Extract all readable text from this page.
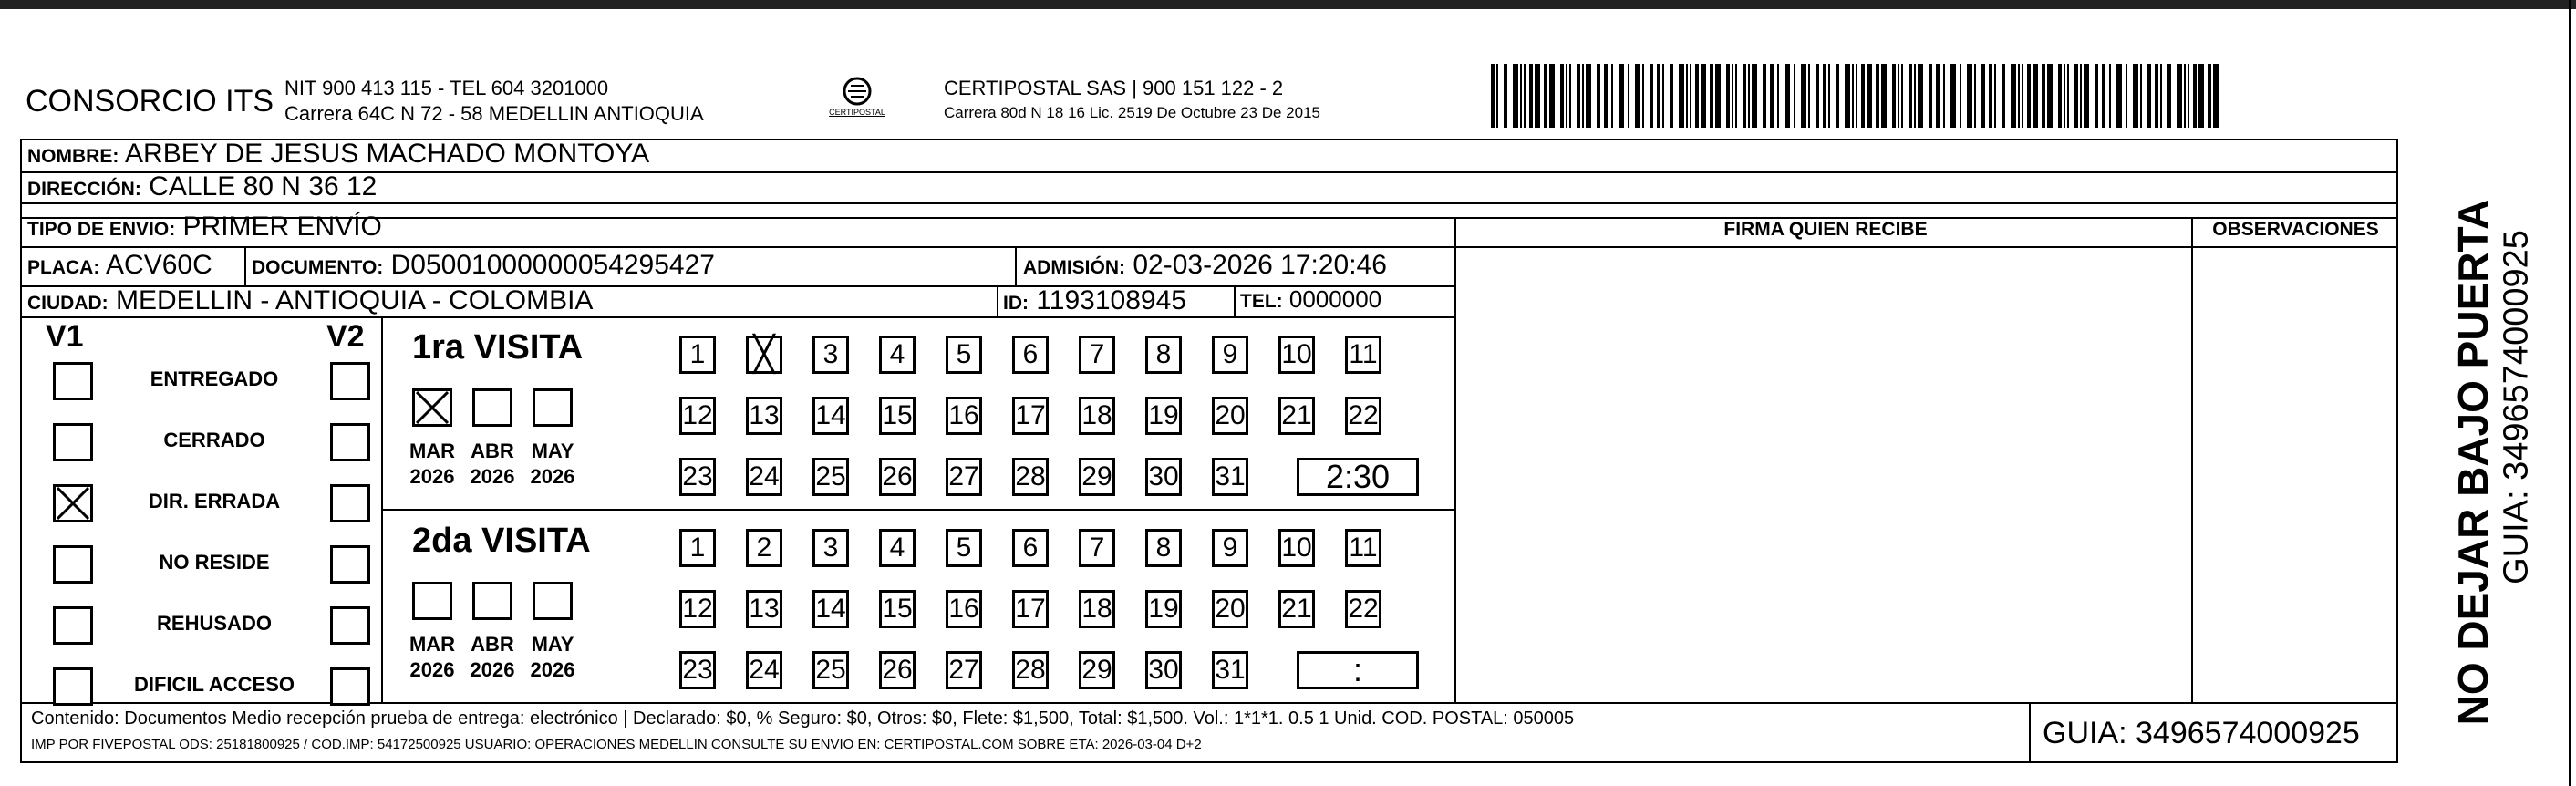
CONSORCIO ITS NIT 900 413 115 - TEL 604 3201000
Carrera 64C N 72 - 58 MEDELLIN ANTIOQUIA	CERTIPOSTAL
CERTIPOSTAL SAS | 900 151 122 - 2
Carrera 80d N 18 16 Lic. 2519 De Octubre 23 De 2015
NOMBRE: ARBEY DE JESUS MACHADO MONTOYA
DIRECCIÓN: CALLE 80 N 36 12
TIPO DE ENVIO: PRIMER ENVÍO	FIRMA QUIEN RECIBE	OBSERVACIONES
PLACA: ACV60C DOCUMENTO: D05001000000054295427	ADMISIÓN: 02-03-2026 17:20:46
CIUDAD: MEDELLIN - ANTIOQUIA - COLOMBIA	ID: 1193108945	TEL: 0000000
V1	V2
ENTREGADO
CERRADO
DIR. ERRADA
NO RESIDE
REHUSADO
DIFICIL ACCESO
1ra VISITA
MAR
2026
ABR
2026
MAY
2026
1
╳	3	4	5	6	7	8	9	10 11
12 13 14 15 16 17 18 19 20 21 22
23 24 25 26 27 28 29 30 31	2:30
2da VISITA
MAR
2026
ABR
2026
MAY
2026
1	2	3	4	5	6	7	8	9	10 11
12 13 14 15 16 17 18 19 20 21 22
23 24 25 26 27 28 29 30 31	:
Contenido: Documentos Medio recepción prueba de entrega: electrónico | Declarado: $0, % Seguro: $0, Otros: $0, Flete: $1,500, Total: $1,500. Vol.: 1*1*1. 0.5 1 Unid. COD. POSTAL: 050005
IMP POR FIVEPOSTAL ODS: 25181800925 / COD.IMP: 54172500925 USUARIO: OPERACIONES MEDELLIN CONSULTE SU ENVIO EN: CERTIPOSTAL.COM SOBRE ETA: 2026-03-04 D+2	GUIA: 3496574000925
NO DEJAR BAJO PUERTA GUIA: 3496574000925
